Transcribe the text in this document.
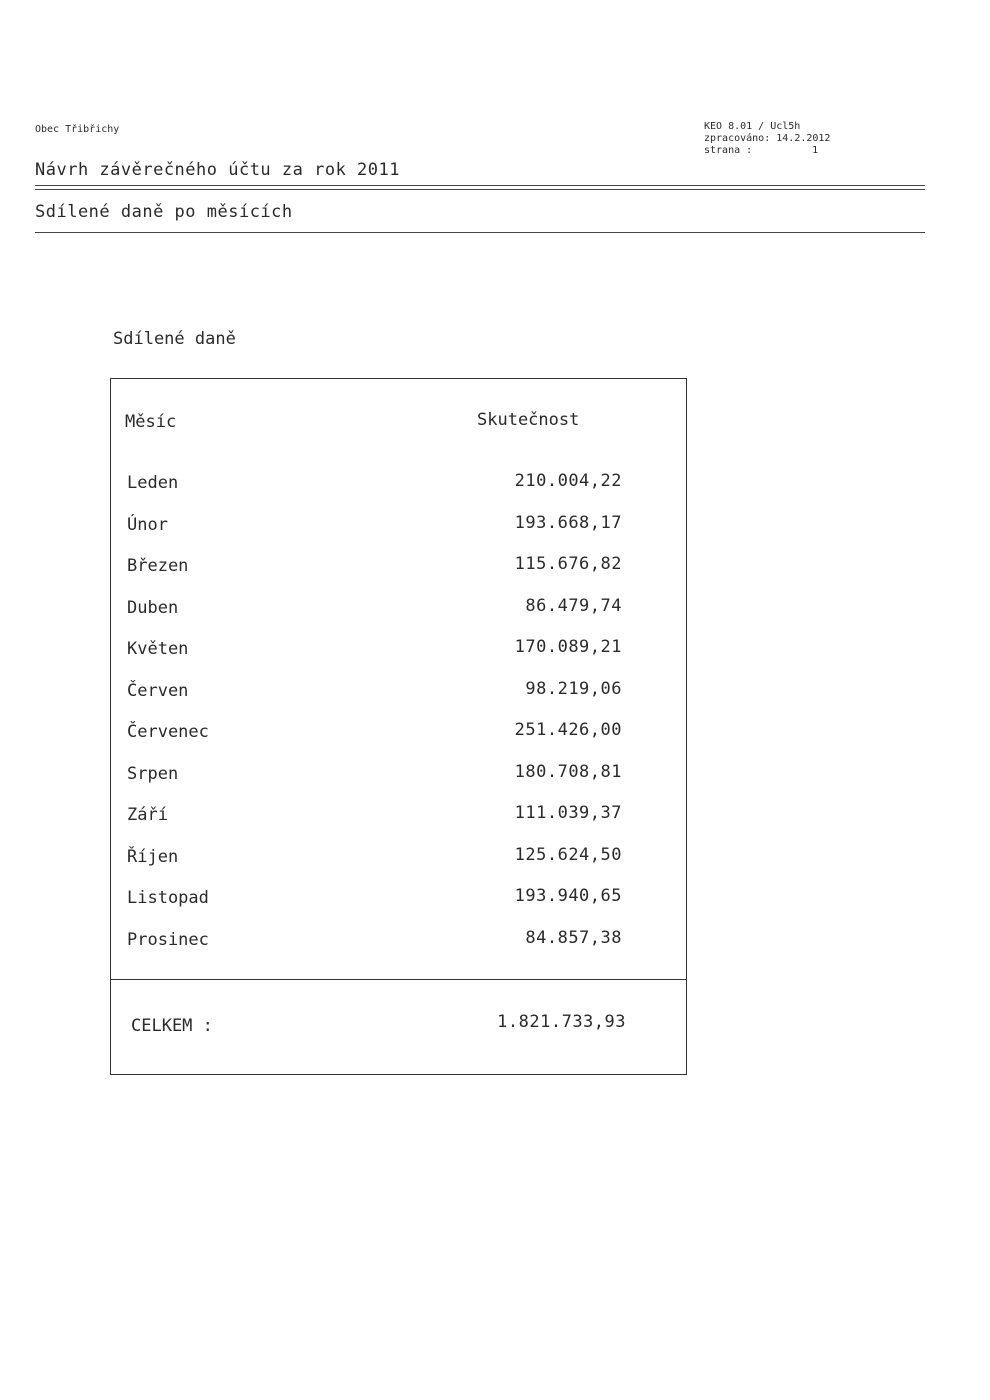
Obec Třibřichy	KEO 8.01 / Ucl5h
zpracováno:
14.2.2012
strana :	1
Návrh závěrečného účtu za rok 2011
Sdílené daně po měsících
Sdílené daně
Měsíc	Skutečnost
Leden	210.004,22
Únor	193.668,17
Březen	115.676,82
Duben	86.479,74
Květen	170.089,21
Červen	98.219,06
Červenec	251.426,00
Srpen	180.708,81
Září	111.039,37
Říjen	125.624,50
Listopad	193.940,65
Prosinec	84.857,38
CELKEM :	1.821.733,93
